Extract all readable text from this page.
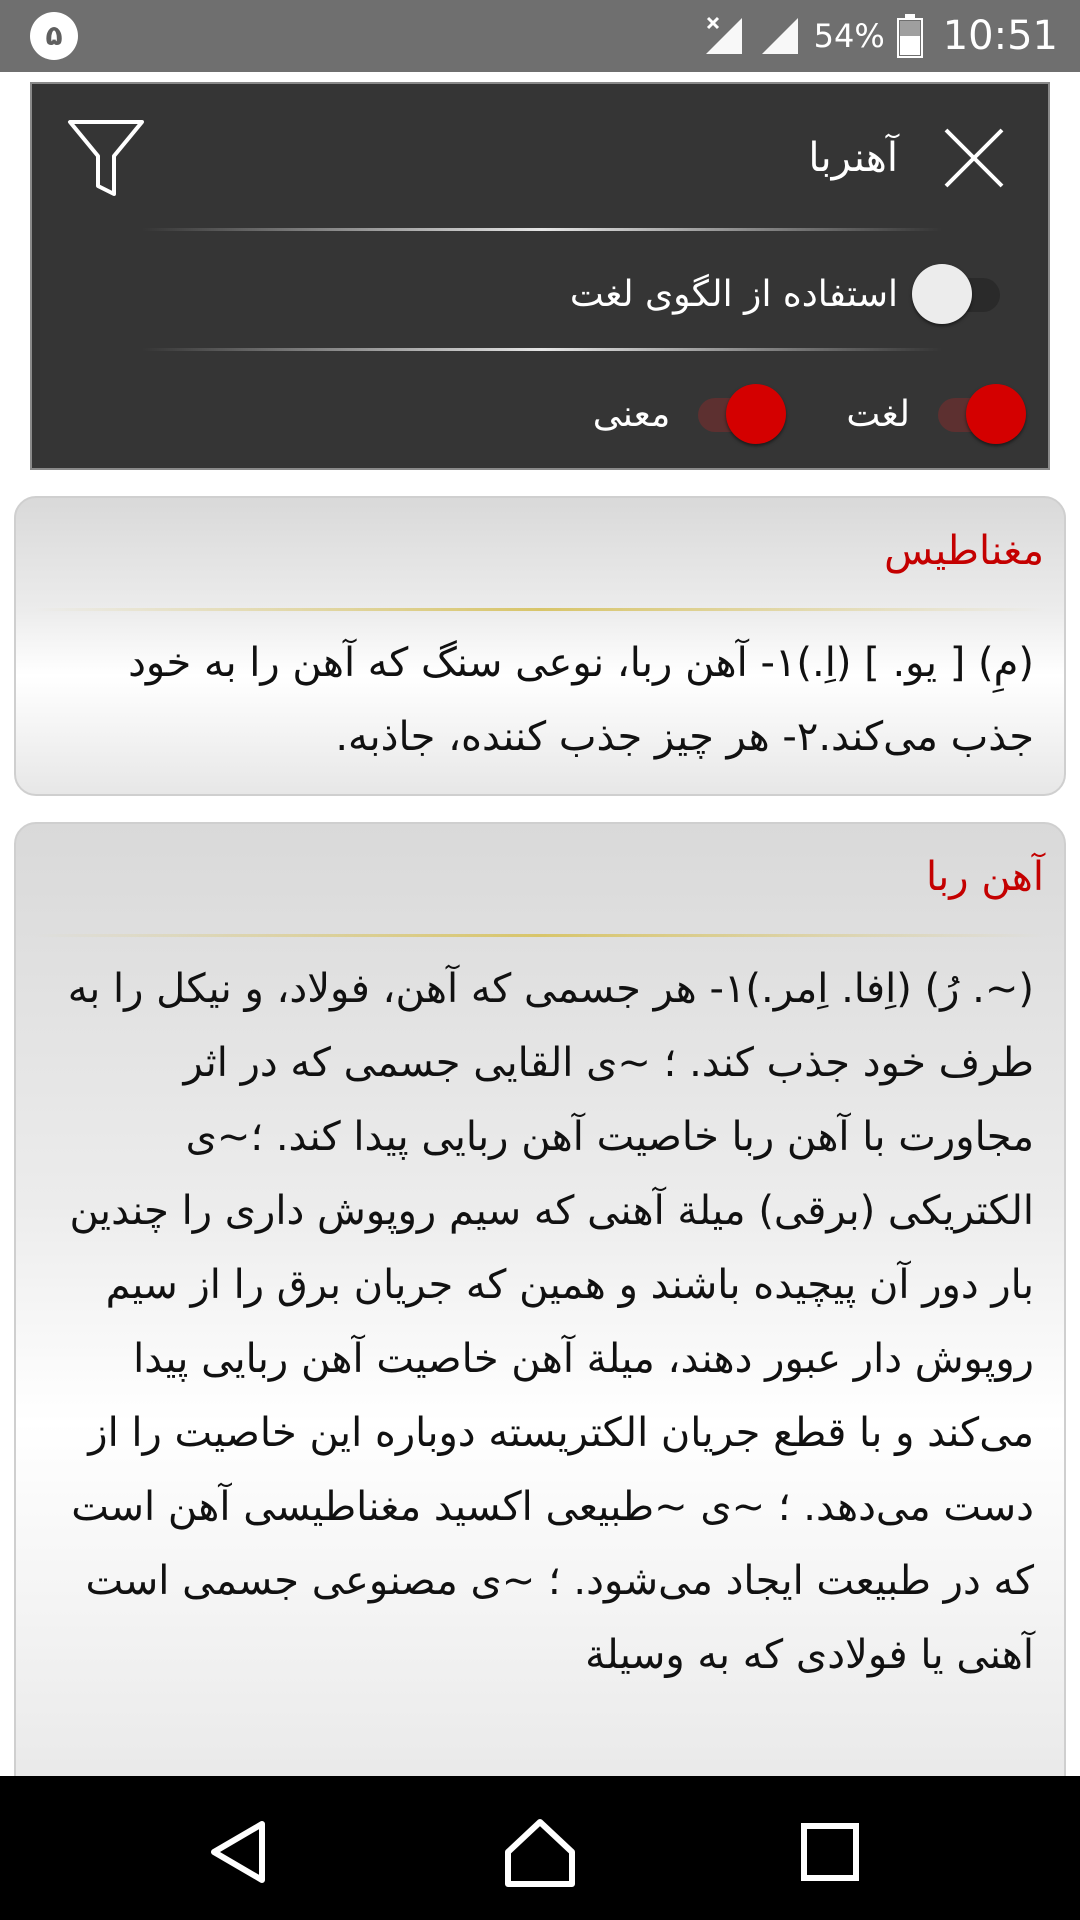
۵	54% 10:51
آهنربا
استفاده از الگوی لغت
لغت
معنی
مغناطیس
(مِ) [ یو. ] (اِ.)۱- آهن ربا، نوعی سنگ که آهن را به خود جذب می‌کند.۲- هر چیز جذب کننده، جاذبه.
آهن ربا
(~. رُ) (اِفا. اِمر.)۱- هر جسمی که آهن، فولاد، و نیکل را به طرف خود جذب کند. ؛ ~ی القایی جسمی که در اثر مجاورت با آهن ربا خاصیت آهن ربایی پیدا کند. ؛~ی الکتریکی (برقی) میلة آهنی که سیم روپوش داری را چندین بار دور آن پیچیده باشند و همین که جریان برق را از سیم روپوش دار عبور دهند، میلة آهن خاصیت آهن ربایی پیدا می‌کند و با قطع جریان الکتریسته دوباره این خاصیت را از دست می‌دهد. ؛ ~ی ~طبیعی اکسید مغناطیسی آهن است که در طبیعت ایجاد می‌شود. ؛ ~ی مصنوعی جسمی است آهنی یا فولادی که به وسیلة
